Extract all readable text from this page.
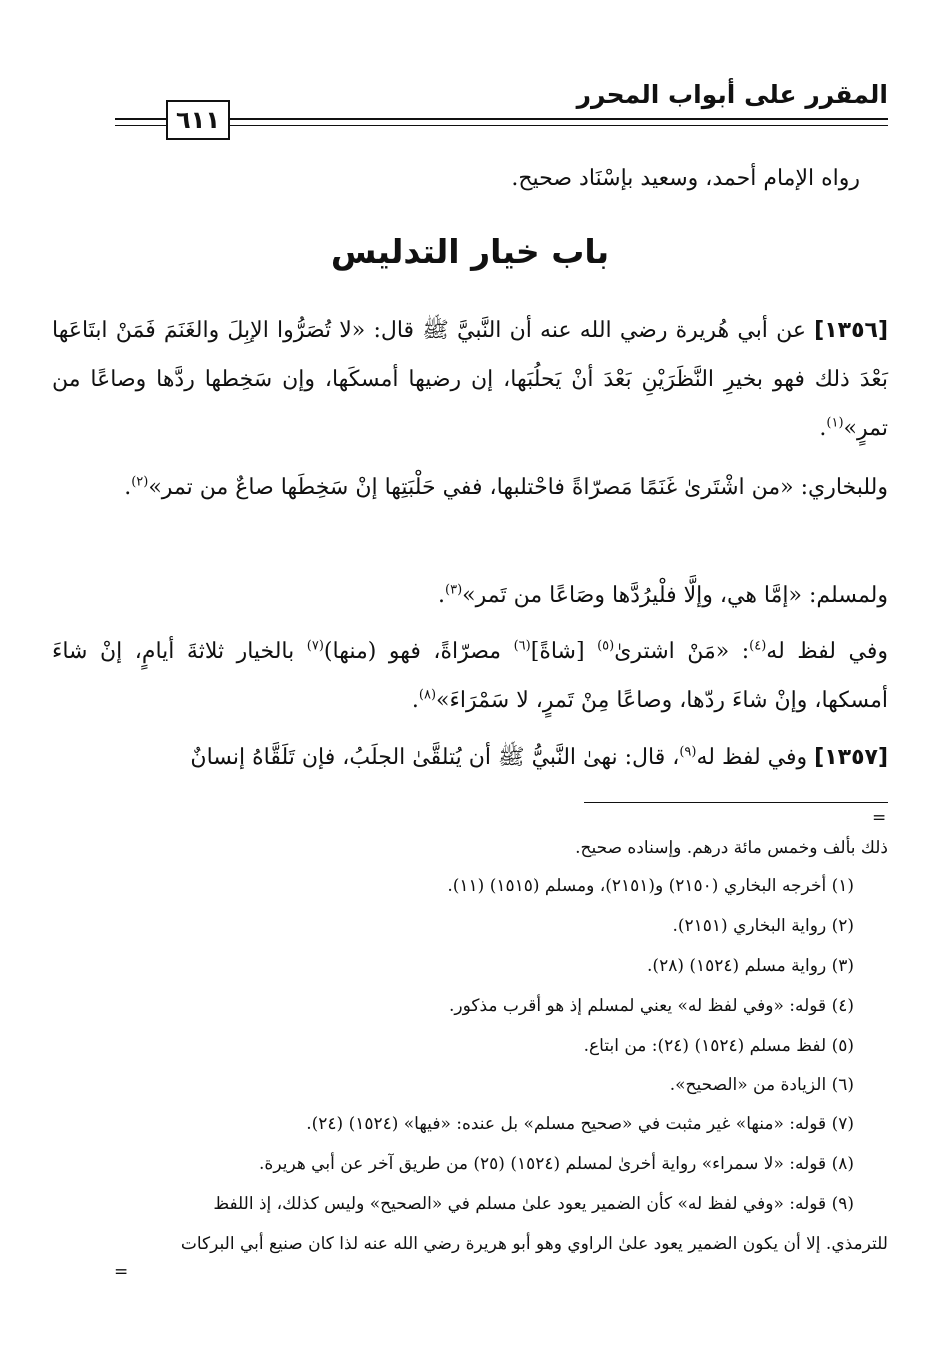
المقرر على أبواب المحرر
٦١١
رواه الإمام أحمد، وسعيد بإسْنَاد صحيح.
باب خيار التدليس
[١٣٥٦] عن أبي هُريرة رضي الله عنه أن النَّبيَّ ﷺ قال: «لا تُصَرُّوا الإبِلَ والغَنَمَ فَمَنْ ابتَاعَها بَعْدَ ذلك فهو بخيرِ النَّظَرَيْنِ بَعْدَ أنْ يَحلُبَها، إن رضيها أمسكَها، وإن سَخِطها ردَّها وصاعًا من تمرٍ»$^{(١)}$.
وللبخاري: «من اشْتَرىٰ غَنَمًا مَصرّاةً فاحْتلبها، ففي حَلْبَتِها إنْ سَخِطَها صاعٌ من تمر»$^{(٢)}$.
ولمسلم: «إمَّا هي، وإلَّا فلْيرُدَّها وصَاعًا من تَمر»$^{(٣)}$.
وفي لفظ له$^{(٤)}$: «مَنْ اشترىٰ$^{(٥)}$ [شاةً]$^{(٦)}$ مصرّاةً، فهو (منها)$^{(٧)}$ بالخيار ثلاثةَ أيامٍ، إنْ شاءَ أمسكها، وإنْ شاءَ ردّها، وصاعًا مِنْ تَمرٍ، لا سَمْرَاءَ»$^{(٨)}$.
[١٣٥٧] وفي لفظ له$^{(٩)}$، قال: نهىٰ النَّبيُّ ﷺ أن يُتلقَّىٰ الجلَبُ، فإن تَلَقَّاهُ إنسانٌ
=
ذلك بألف وخمس مائة درهم. وإسناده صحيح.
(١) أخرجه البخاري (٢١٥٠) و(٢١٥١)، ومسلم (١٥١٥) (١١).
(٢) رواية البخاري (٢١٥١).
(٣) رواية مسلم (١٥٢٤) (٢٨).
(٤) قوله: «وفي لفظ له» يعني لمسلم إذ هو أقرب مذكور.
(٥) لفظ مسلم (١٥٢٤) (٢٤): من ابتاع.
(٦) الزيادة من «الصحيح».
(٧) قوله: «منها» غير مثبت في «صحيح مسلم» بل عنده: «فيها» (١٥٢٤) (٢٤).
(٨) قوله: «لا سمراء» رواية أخرىٰ لمسلم (١٥٢٤) (٢٥) من طريق آخر عن أبي هريرة.
(٩) قوله: «وفي لفظ له» كأن الضمير يعود علىٰ مسلم في «الصحيح» وليس كذلك، إذ اللفظ
للترمذي. إلا أن يكون الضمير يعود علىٰ الراوي وهو أبو هريرة رضي الله عنه لذا كان صنيع أبي البركات
=
